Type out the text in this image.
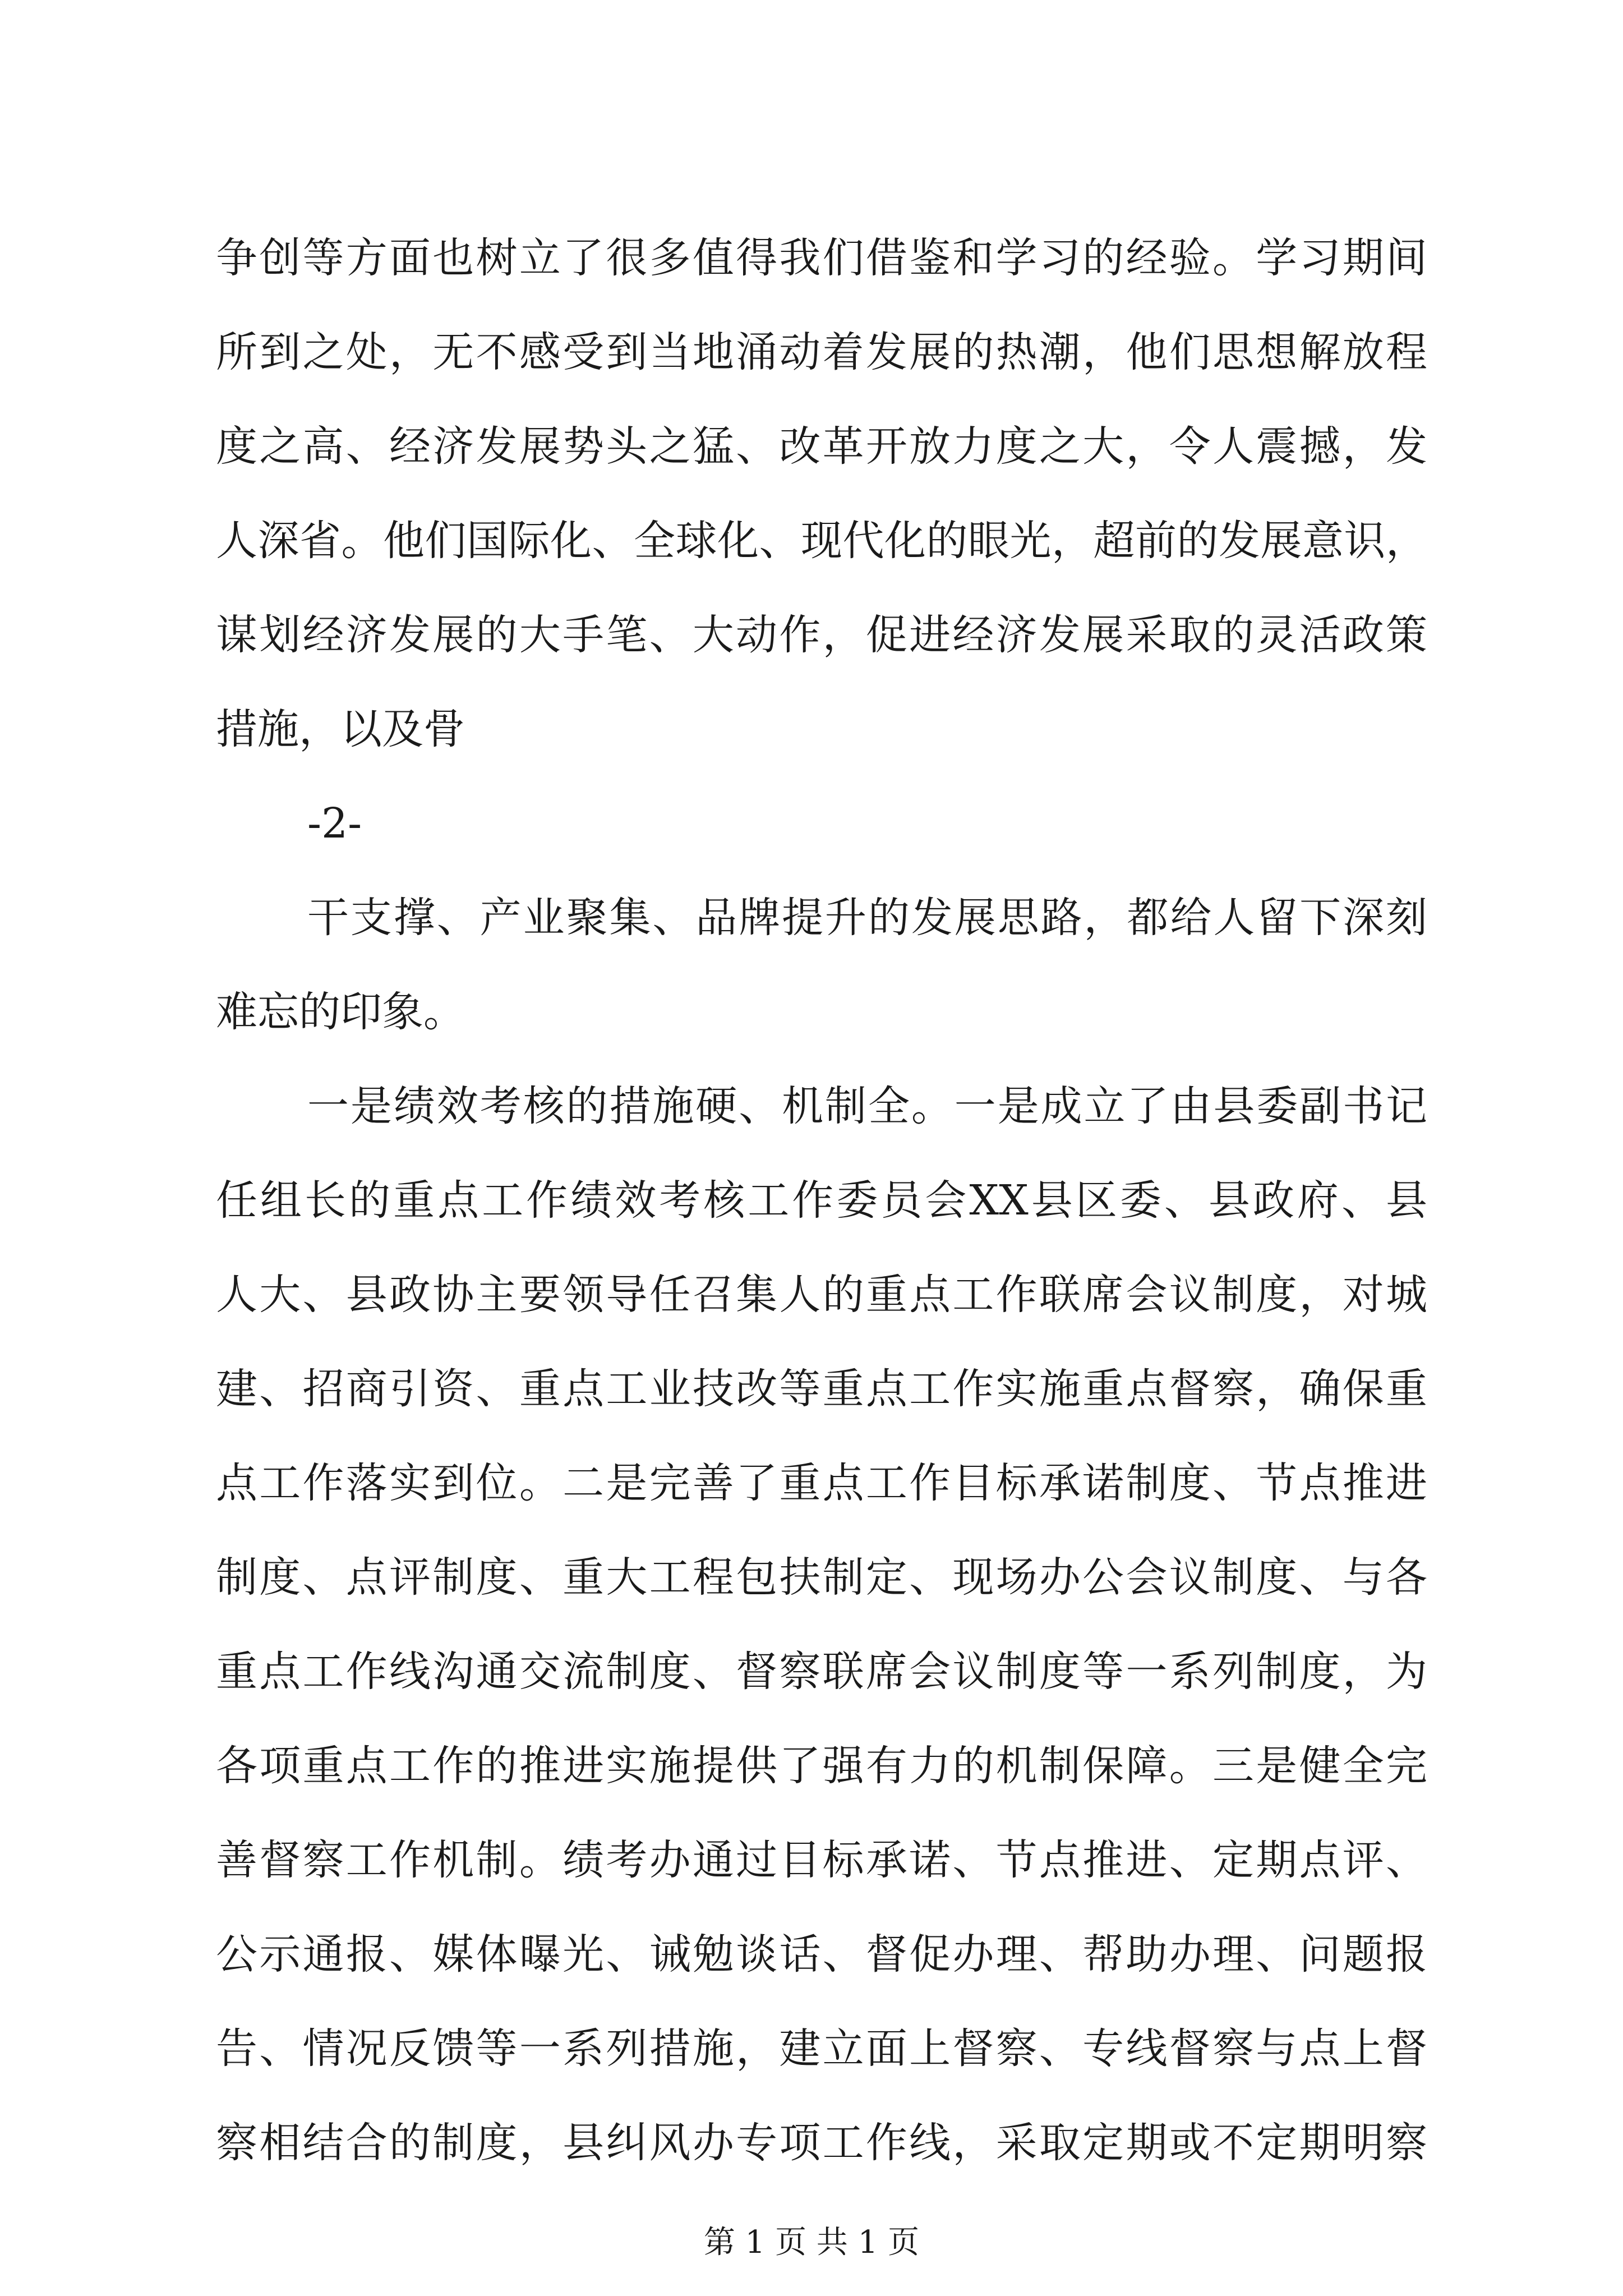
争创等方面也树立了很多值得我们借鉴和学习的经验。学习期间
所到之处，无不感受到当地涌动着发展的热潮，他们思想解放程
度之高、经济发展势头之猛、改革开放力度之大，令人震撼，发
人深省。他们国际化、全球化、现代化的眼光，超前的发展意识，
谋划经济发展的大手笔、大动作，促进经济发展采取的灵活政策
措施，以及骨
-2-
干支撑、产业聚集、品牌提升的发展思路，都给人留下深刻
难忘的印象。
一是绩效考核的措施硬、机制全。一是成立了由县委副书记
任组长的重点工作绩效考核工作委员会XX县区委、县政府、县
人大、县政协主要领导任召集人的重点工作联席会议制度，对城
建、招商引资、重点工业技改等重点工作实施重点督察，确保重
点工作落实到位。二是完善了重点工作目标承诺制度、节点推进
制度、点评制度、重大工程包扶制定、现场办公会议制度、与各
重点工作线沟通交流制度、督察联席会议制度等一系列制度，为
各项重点工作的推进实施提供了强有力的机制保障。三是健全完
善督察工作机制。绩考办通过目标承诺、节点推进、定期点评、
公示通报、媒体曝光、诫勉谈话、督促办理、帮助办理、问题报
告、情况反馈等一系列措施，建立面上督察、专线督察与点上督
察相结合的制度，县纠风办专项工作线，采取定期或不定期明察
第 1 页 共 1 页
